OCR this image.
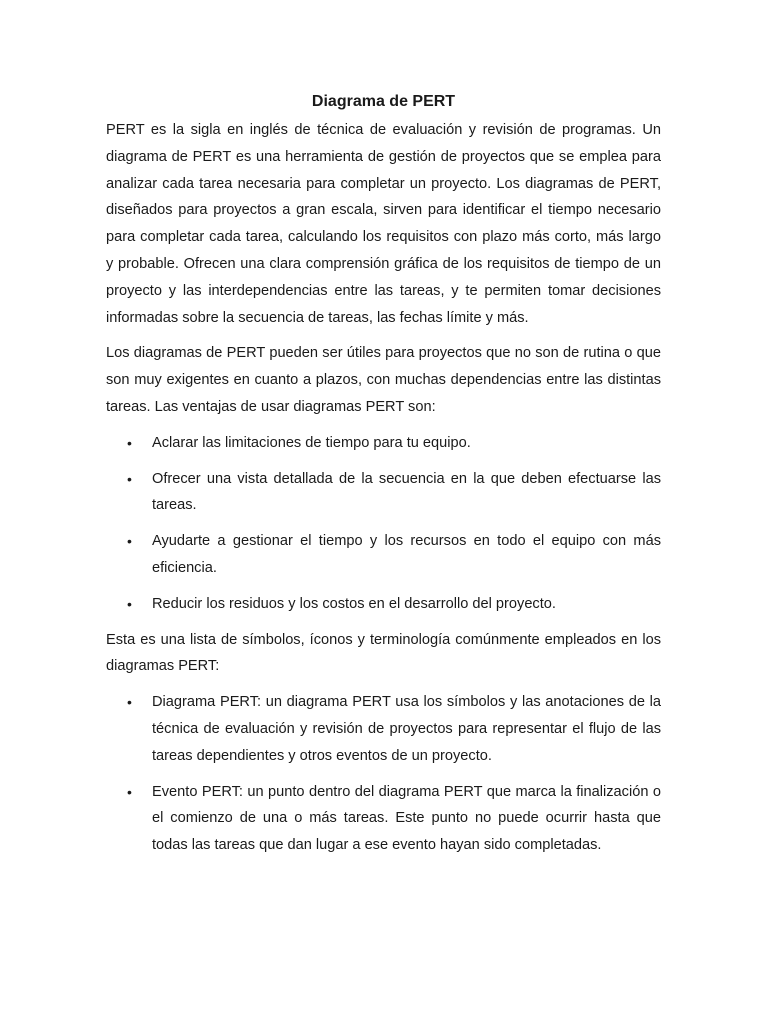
Diagrama de PERT

PERT es la sigla en inglés de técnica de evaluación y revisión de programas. Un diagrama de PERT es una herramienta de gestión de proyectos que se emplea para analizar cada tarea necesaria para completar un proyecto. Los diagramas de PERT, diseñados para proyectos a gran escala, sirven para identificar el tiempo necesario para completar cada tarea, calculando los requisitos con plazo más corto, más largo y probable. Ofrecen una clara comprensión gráfica de los requisitos de tiempo de un proyecto y las interdependencias entre las tareas, y te permiten tomar decisiones informadas sobre la secuencia de tareas, las fechas límite y más.

Los diagramas de PERT pueden ser útiles para proyectos que no son de rutina o que son muy exigentes en cuanto a plazos, con muchas dependencias entre las distintas tareas. Las ventajas de usar diagramas PERT son:

• Aclarar las limitaciones de tiempo para tu equipo.
• Ofrecer una vista detallada de la secuencia en la que deben efectuarse las tareas.
• Ayudarte a gestionar el tiempo y los recursos en todo el equipo con más eficiencia.
• Reducir los residuos y los costos en el desarrollo del proyecto.

Esta es una lista de símbolos, íconos y terminología comúnmente empleados en los diagramas PERT:

• Diagrama PERT: un diagrama PERT usa los símbolos y las anotaciones de la técnica de evaluación y revisión de proyectos para representar el flujo de las tareas dependientes y otros eventos de un proyecto.
• Evento PERT: un punto dentro del diagrama PERT que marca la finalización o el comienzo de una o más tareas. Este punto no puede ocurrir hasta que todas las tareas que dan lugar a ese evento hayan sido completadas.
